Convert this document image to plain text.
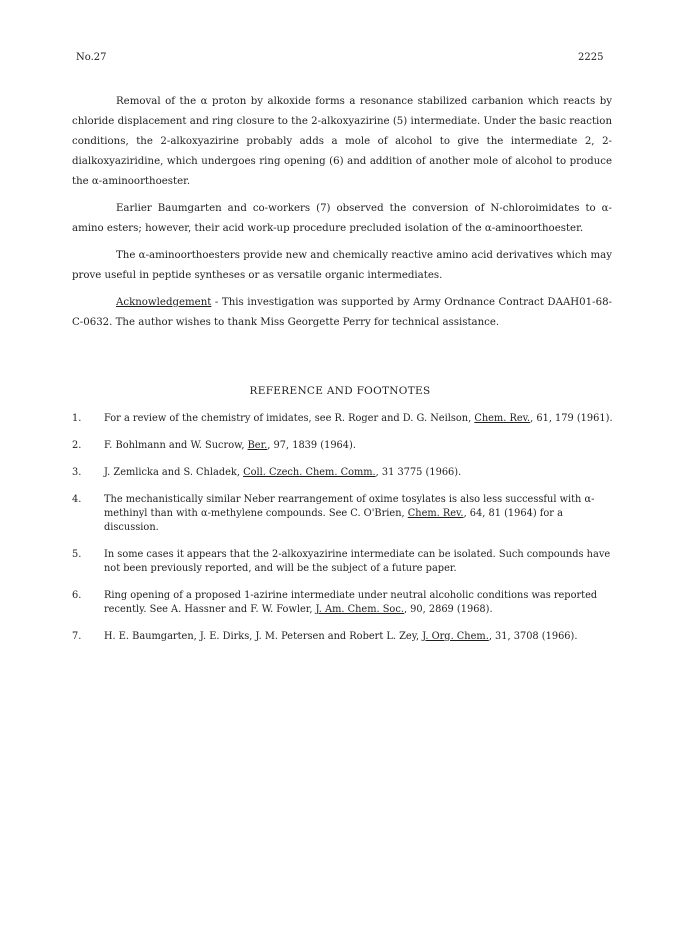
No.27	2225

Removal of the α proton by alkoxide forms a resonance stabilized carbanion which reacts by chloride displacement and ring closure to the 2-alkoxyazirine (5) intermediate. Under the basic reaction conditions, the 2-alkoxyazirine probably adds a mole of alcohol to give the intermediate 2, 2-dialkoxyaziridine, which undergoes ring opening (6) and addition of another mole of alcohol to produce the α-aminoorthoester.

Earlier Baumgarten and co-workers (7) observed the conversion of N-chloroimidates to α-amino esters; however, their acid work-up procedure precluded isolation of the α-aminoorthoester.

The α-aminoorthoesters provide new and chemically reactive amino acid derivatives which may prove useful in peptide syntheses or as versatile organic intermediates.

Acknowledgement - This investigation was supported by Army Ordnance Contract DAAH01-68-C-0632. The author wishes to thank Miss Georgette Perry for technical assistance.

REFERENCE AND FOOTNOTES
1.	For a review of the chemistry of imidates, see R. Roger and D. G. Neilson, Chem. Rev., 61, 179 (1961).
2.	F. Bohlmann and W. Sucrow, Ber., 97, 1839 (1964).
3.	J. Zemlicka and S. Chladek, Coll. Czech. Chem. Comm., 31 3775 (1966).
4.	The mechanistically similar Neber rearrangement of oxime tosylates is also less successful with α-methinyl than with α-methylene compounds. See C. O'Brien, Chem. Rev., 64, 81 (1964) for a discussion.
5.	In some cases it appears that the 2-alkoxyazirine intermediate can be isolated. Such compounds have not been previously reported, and will be the subject of a future paper.
6.	Ring opening of a proposed 1-azirine intermediate under neutral alcoholic conditions was reported recently. See A. Hassner and F. W. Fowler, J. Am. Chem. Soc., 90, 2869 (1968).
7.	H. E. Baumgarten, J. E. Dirks, J. M. Petersen and Robert L. Zey, J. Org. Chem., 31, 3708 (1966).
